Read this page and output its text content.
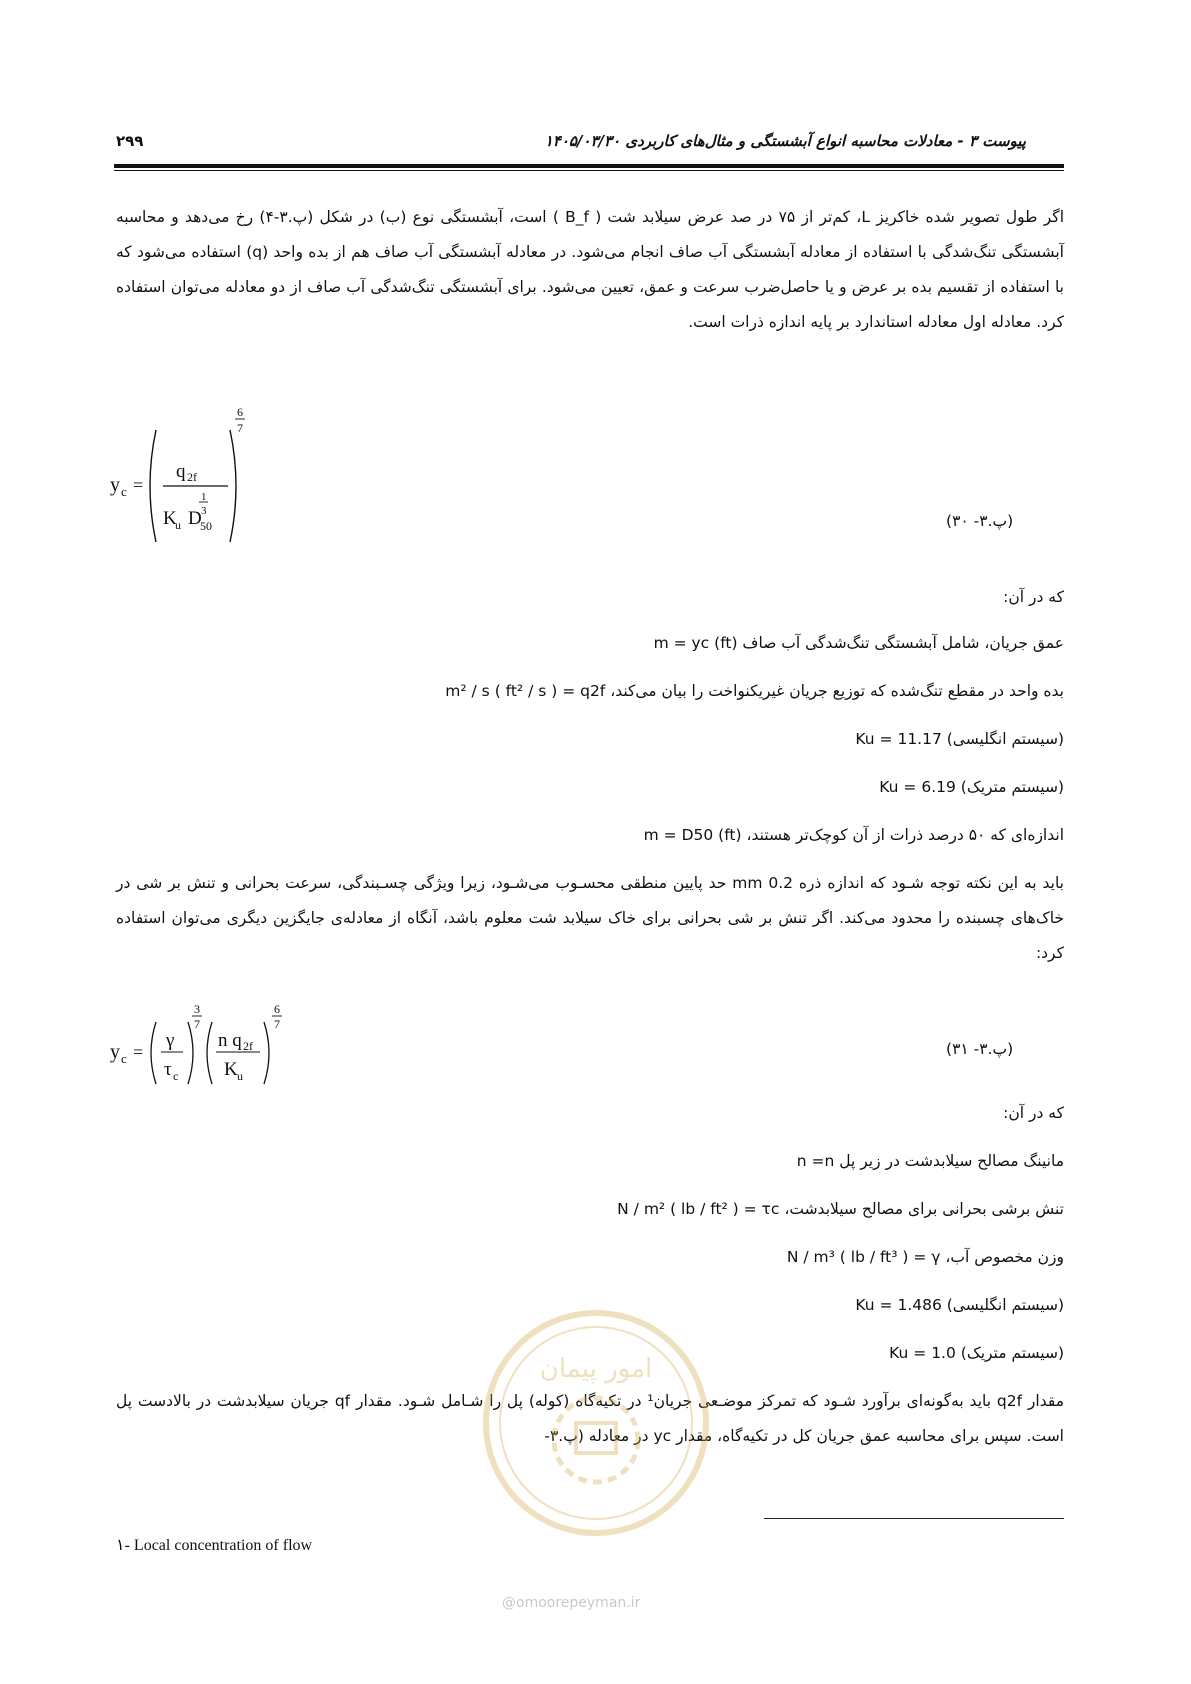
پیوست ۳ - معادلات محاسبه انواع آبشستگی و مثال‌های کاربردی ۱۴۰۵/۰۳/۳۰
۲۹۹
اگر طول تصویر شده خاکریز L، کم‌تر از ۷۵ در صد عرض سیلابد شت ( B_f ) است، آبشستگی نوع (ب) در شکل (پ.۳-۴) رخ می‌دهد و محاسبه آبشستگی تنگ‌شدگی با استفاده از معادله آبشستگی آب صاف انجام می‌شود. در معادله آبشستگی آب صاف هم از بده واحد (q) استفاده می‌شود که با استفاده از تقسیم بده بر عرض و یا حاصل‌ضرب سرعت و عمق، تعیین می‌شود. برای آبشستگی تنگ‌شدگی آب صاف از دو معادله می‌توان استفاده کرد. معادله اول معادله استاندارد بر پایه اندازه ذرات است.
y c =
q 2f
K
u D
1
3
50
6
7
(پ.۳- ۳۰)
که در آن:
عمق جریان، شامل آبشستگی تنگ‌شدگی آب صاف (ft) m = yc
بده واحد در مقطع تنگ‌شده که توزیع جریان غیریکنواخت را بیان می‌کند، m² / s ( ft² / s ) = q2f
(سیستم انگلیسی) 11.17 = Ku
(سیستم متریک) 6.19 = Ku
اندازه‌ای که ۵۰ درصد ذرات از آن کوچک‌تر هستند، (ft) m = D50
باید به این نکته توجه شـود که اندازه ذره 0.2 mm حد پایین منطقی محسـوب می‌شـود، زیرا ویژگی چسـبندگی، سرعت بحرانی و تنش بر شی در خاک‌های چسبنده را محدود می‌کند. اگر تنش بر شی بحرانی برای خاک سیلابد شت معلوم باشد، آنگاه از معادله‌ی جایگزین دیگری می‌توان استفاده کرد:
y c =
γ
τ c
3
7
n q 2f
K u
6
7
(پ.۳- ۳۱)
که در آن:
مانینگ مصالح سیلابدشت در زیر پل n =n
تنش برشی بحرانی برای مصالح سیلابدشت، N / m² ( lb / ft² ) = τc
وزن مخصوص آب، N / m³ ( lb / ft³ ) = γ
(سیستم انگلیسی) 1.486 = Ku
(سیستم متریک) 1.0 = Ku
مقدار q2f باید به‌گونه‌ای برآورد شـود که تمرکز موضـعی جریان¹ در تکیه‌گاه (کوله) پل را شـامل شـود. مقدار qf جریان سیلابدشت در بالادست پل است. سپس برای محاسبه عمق جریان کل در تکیه‌گاه، مقدار yc در معادله (پ.۳-
امور پیمان
۱- Local concentration of flow
@omoorepeyman.ir
